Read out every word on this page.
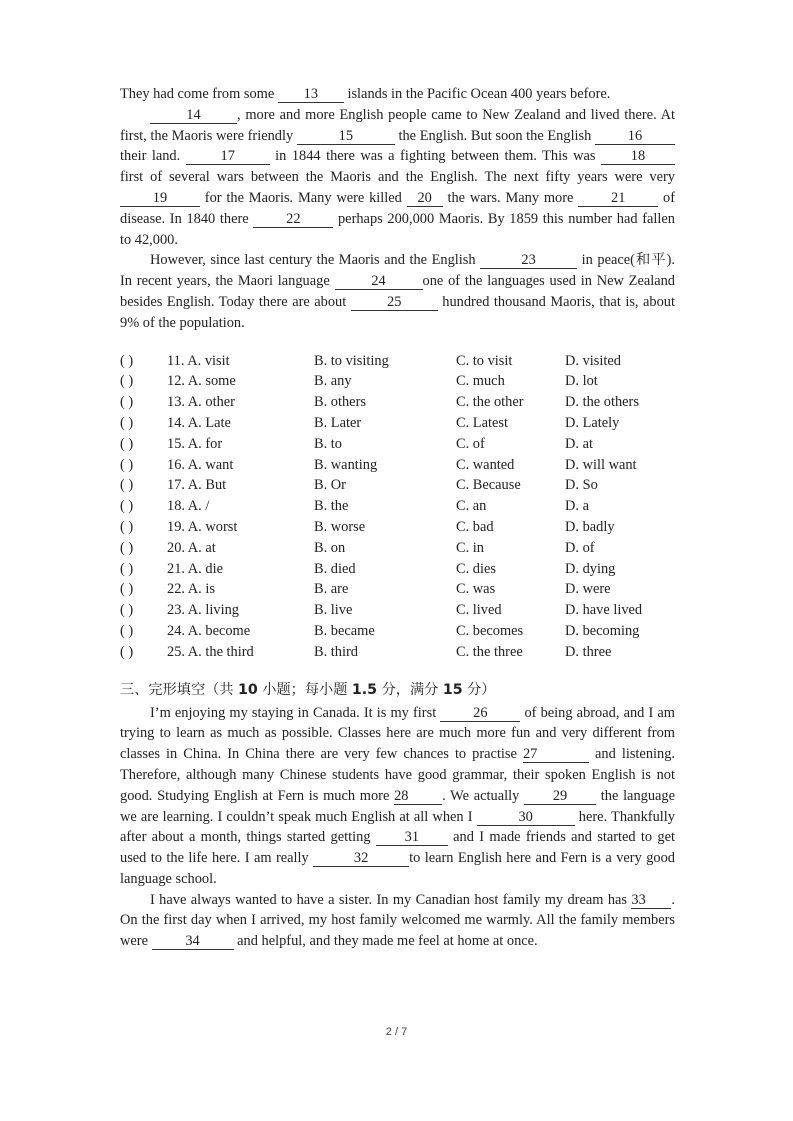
They had come from some 13 islands in the Pacific Ocean 400 years before.

14	, more and more English people came to New Zealand and lived there. At first, the Maoris were friendly	15	the English. But soon the English 16 their land. 17 in 1844 there was a fighting between them. This was 18 first of several wars between the Maoris and the English. The next fifty years were very 19 for the Maoris. Many were killed 20 the wars. Many more 21 of disease. In 1840 there 22 perhaps 200,000 Maoris. By 1859 this number had fallen to 42,000.

However, since last century the Maoris and the English	23	in peace(和平). In recent years, the Maori language	24	one of the languages used in New Zealand besides English. Today there are about	25	hundred thousand Maoris, that is, about 9% of the population.

( )	11. A. visit	B. to visiting	C. to visit	D. visited
( )	12. A. some	B. any	C. much	D. lot
( )	13. A. other	B. others	C. the other	D. the others
( )	14. A. Late	B. Later	C. Latest	D. Lately
( )	15. A. for	B. to	C. of	D. at
( )	16. A. want	B. wanting	C. wanted	D. will want
( )	17. A. But	B. Or	C. Because	D. So
( )	18. A. /	B. the	C. an	D. a
( )	19. A. worst	B. worse	C. bad	D. badly
( )	20. A. at	B. on	C. in	D. of
( )	21. A. die	B. died	C. dies	D. dying
( )	22. A. is	B. are	C. was	D. were
( )	23. A. living	B. live	C. lived	D. have lived
( )	24. A. become	B. became	C. becomes	D. becoming
( )	25. A. the third	B. third	C. the three	D. three
三、完形填空（共 10 小题；每小题 1.5 分，满分 15 分）

I’m enjoying my staying in Canada. It is my first 26 of being abroad, and I am trying to learn as much as possible. Classes here are much more fun and very different from classes in China. In China there are very few chances to practise 27	and listening. Therefore, although many Chinese students have good grammar, their spoken English is not good. Studying English at Fern is much more 28 . We actually 29 the language we are learning. I couldn’t speak much English at all when I	30	here. Thankfully after about a month, things started getting 31 and I made friends and started to get used to the life here. I am really	32	to learn English here and Fern is a very good language school.

I have always wanted to have a sister. In my Canadian host family my dream has 33 . On the first day when I arrived, my host family welcomed me warmly. All the family members were 34 and helpful, and they made me feel at home at once.

2 / 7
